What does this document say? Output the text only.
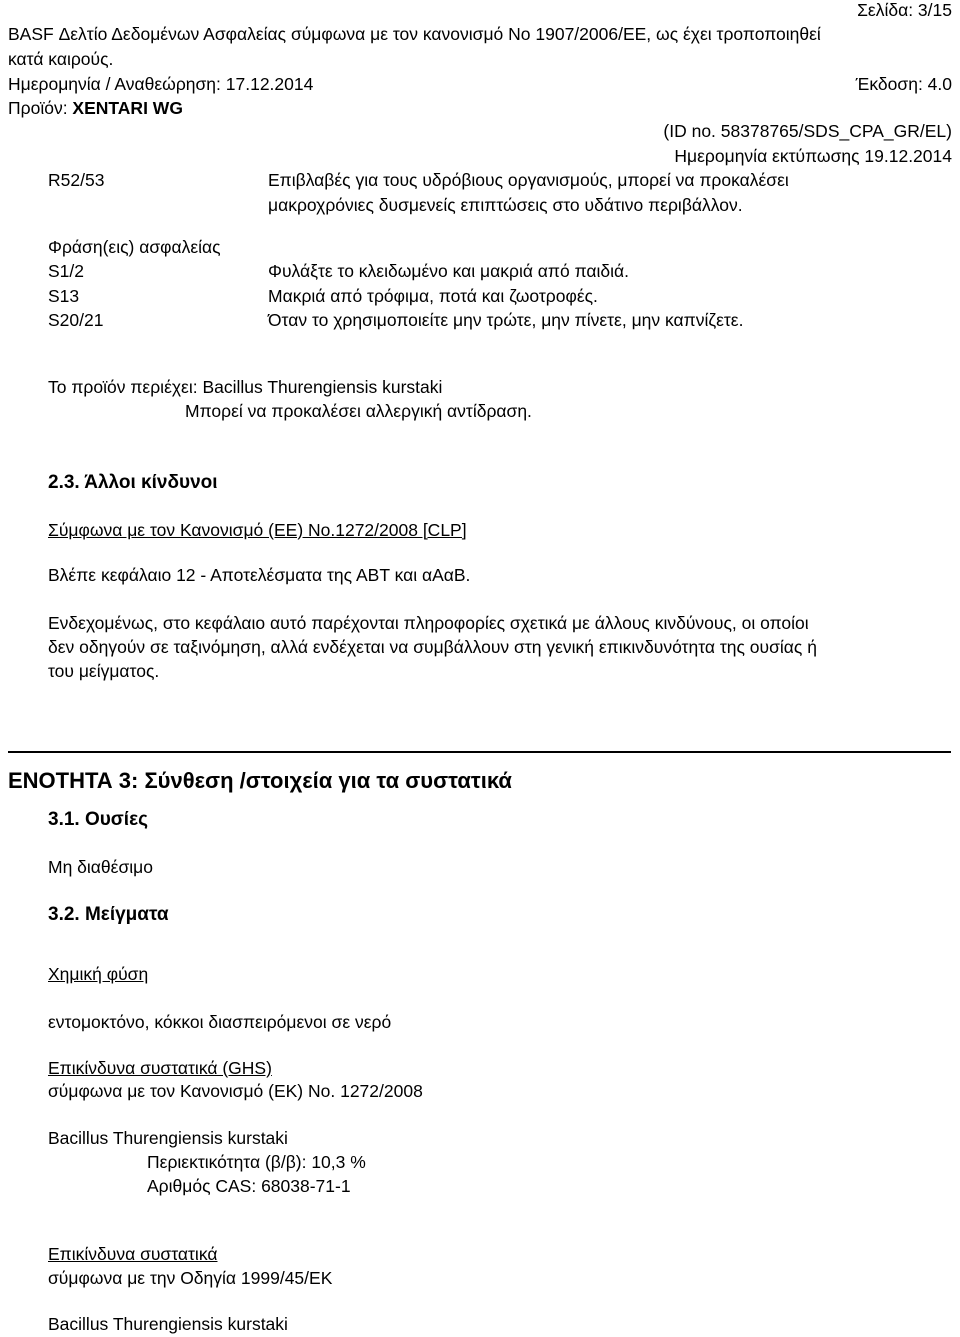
Σελίδα: 3/15
BASF Δελτίο Δεδομένων Ασφαλείας σύμφωνα με τον κανονισμό Νο 1907/2006/ΕΕ, ως έχει τροποποιηθεί
κατά καιρούς.
Ημερομηνία / Αναθεώρηση: 17.12.2014	Έκδοση: 4.0
Προϊόν: XENTARI WG
(ID no. 58378765/SDS_CPA_GR/EL)
Ημερομηνία εκτύπωσης 19.12.2014
R52/53	Επιβλαβές για τους υδρόβιους οργανισμούς, μπορεί να προκαλέσει
μακροχρόνιες δυσμενείς επιπτώσεις στο υδάτινο περιβάλλον.
Φράση(εις) ασφαλείας
S1/2	Φυλάξτε το κλειδωμένο και μακριά από παιδιά.
S13	Μακριά από τρόφιμα, ποτά και ζωοτροφές.
S20/21	Όταν το χρησιμοποιείτε μην τρώτε, μην πίνετε, μην καπνίζετε.
Το προϊόν περιέχει: Bacillus Thurengiensis kurstaki
Μπορεί να προκαλέσει αλλεργική αντίδραση.
2.3. Άλλοι κίνδυνοι
Σύμφωνα με τον Κανονισμό (ΕΕ) Νο.1272/2008 [CLP]
Βλέπε κεφάλαιο 12 - Αποτελέσματα της ΑΒΤ και αΑαΒ.
Ενδεχομένως, στο κεφάλαιο αυτό παρέχονται πληροφορίες σχετικά με άλλους κινδύνους, οι οποίοι
δεν οδηγούν σε ταξινόμηση, αλλά ενδέχεται να συμβάλλουν στη γενική επικινδυνότητα της ουσίας ή
του μείγματος.
ΕΝΟΤΗΤΑ 3: Σύνθεση /στοιχεία για τα συστατικά
3.1. Ουσίες
Μη διαθέσιμο
3.2. Μείγματα
Χημική φύση
εντομοκτόνο, κόκκοι διασπειρόμενοι σε νερό
Επικίνδυνα συστατικά (GHS)
σύμφωνα με τον Κανονισμό (ΕΚ) Νο. 1272/2008
Bacillus Thurengiensis kurstaki
Περιεκτικότητα (β/β): 10,3 %
Αριθμός CAS: 68038-71-1
Επικίνδυνα συστατικά
σύμφωνα με την Οδηγία 1999/45/ΕΚ
Bacillus Thurengiensis kurstaki
